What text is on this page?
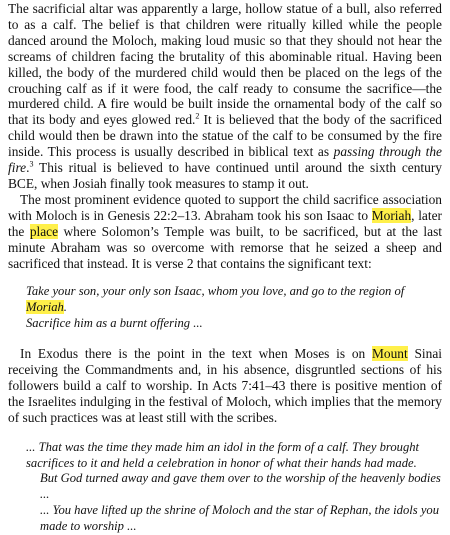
The sacrificial altar was apparently a large, hollow statue of a bull, also referred to as a calf. The belief is that children were ritually killed while the people danced around the Moloch, making loud music so that they should not hear the screams of children facing the brutality of this abominable ritual. Having been killed, the body of the murdered child would then be placed on the legs of the crouching calf as if it were food, the calf ready to consume the sacrifice—the murdered child. A fire would be built inside the ornamental body of the calf so that its body and eyes glowed red.$^2$ It is believed that the body of the sacrificed child would then be drawn into the statue of the calf to be consumed by the fire inside. This process is usually described in biblical text as passing through the fire.$^3$ This ritual is believed to have continued until around the sixth century BCE, when Josiah finally took measures to stamp it out.

The most prominent evidence quoted to support the child sacrifice association with Moloch is in Genesis 22:2–13. Abraham took his son Isaac to Moriah, later the place where Solomon’s Temple was built, to be sacrificed, but at the last minute Abraham was so overcome with remorse that he seized a sheep and sacrificed that instead. It is verse 2 that contains the significant text:

Take your son, your only son Isaac, whom you love, and go to the region of Moriah.
Sacrifice him as a burnt offering ...

In Exodus there is the point in the text when Moses is on Mount Sinai receiving the Commandments and, in his absence, disgruntled sections of his followers build a calf to worship. In Acts 7:41–43 there is positive mention of the Israelites indulging in the festival of Moloch, which implies that the memory of such practices was at least still with the scribes.

... That was the time they made him an idol in the form of a calf. They brought sacrifices to it and held a celebration in honor of what their hands had made.
But God turned away and gave them over to the worship of the heavenly bodies ...
... You have lifted up the shrine of Moloch and the star of Rephan, the idols you made to worship ...
